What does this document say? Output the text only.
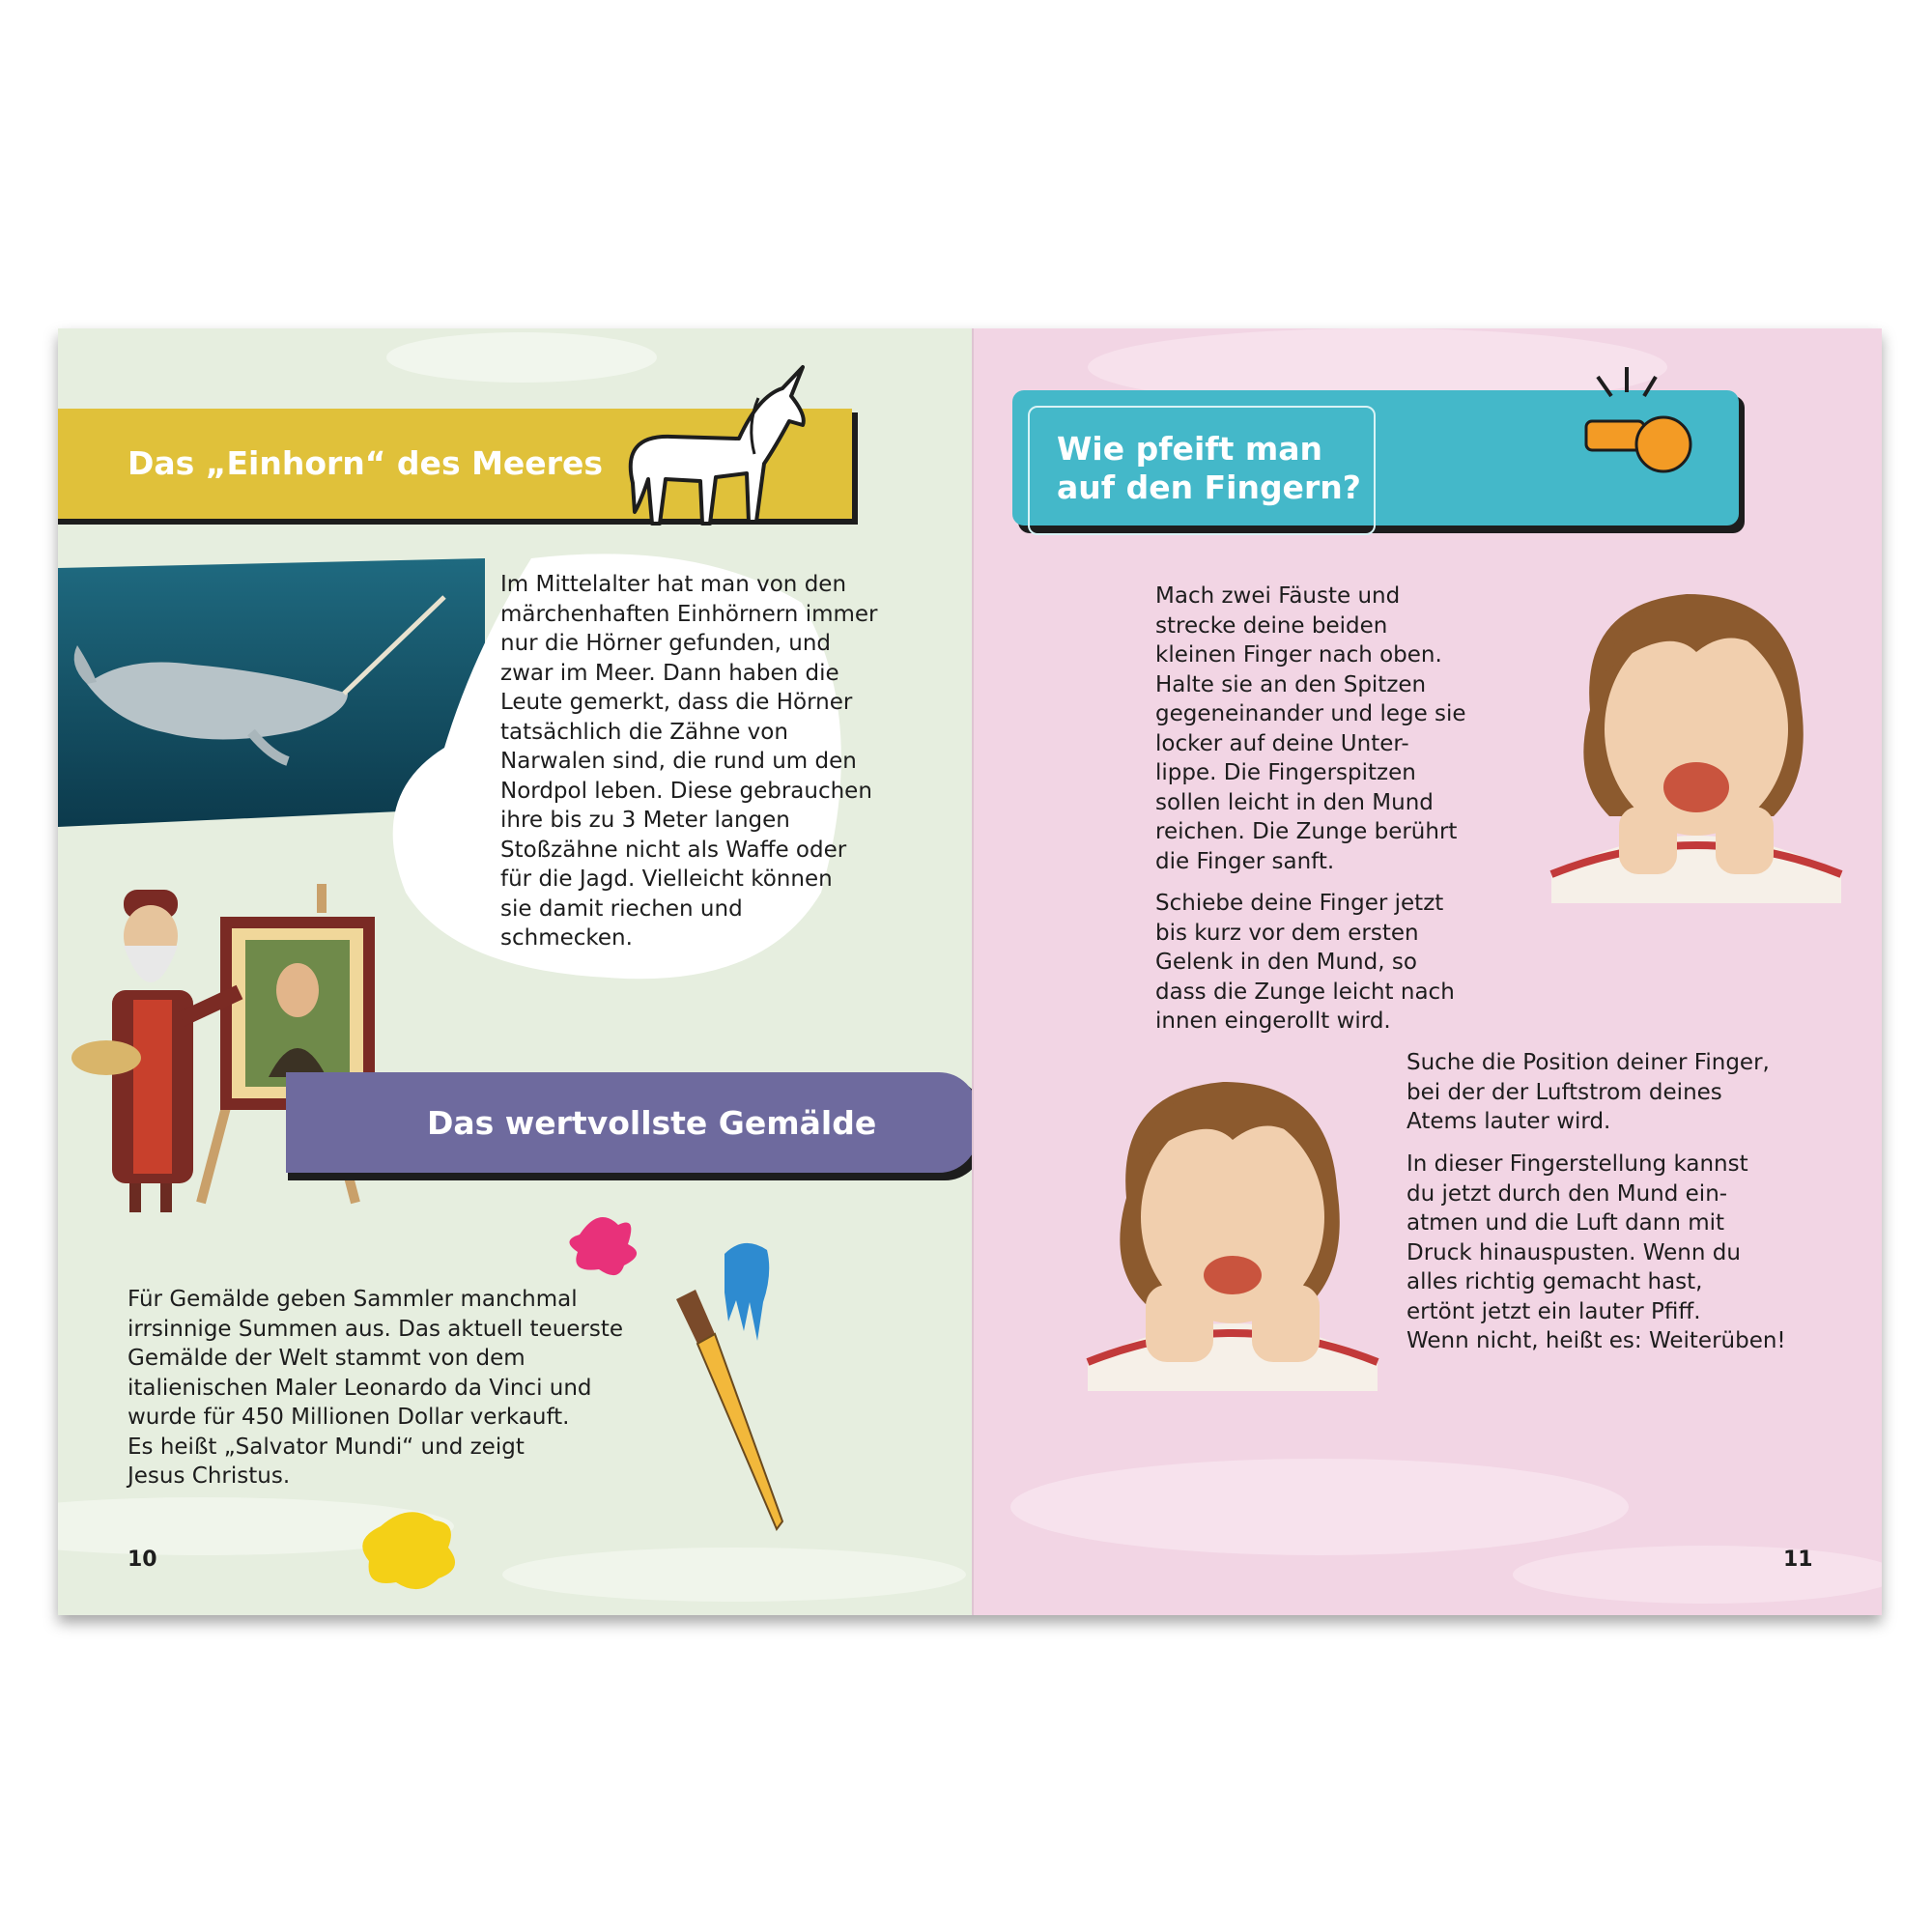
Das „Einhorn“ des Meeres

Im Mittelalter hat man von den
märchenhaften Einhörnern immer
nur die Hörner gefunden, und
zwar im Meer. Dann haben die
Leute gemerkt, dass die Hörner
tatsächlich die Zähne von
Narwalen sind, die rund um den
Nordpol leben. Diese gebrauchen
ihre bis zu 3 Meter langen
Stoßzähne nicht als Waffe oder
für die Jagd. Vielleicht können
sie damit riechen und
schmecken.

Das wertvollste Gemälde

Für Gemälde geben Sammler manchmal
irrsinnige Summen aus. Das aktuell teuerste
Gemälde der Welt stammt von dem
italienischen Maler Leonardo da Vinci und
wurde für 450 Millionen Dollar verkauft.
Es heißt „Salvator Mundi“ und zeigt
Jesus Christus.

10
Wie pfeift man
auf den Fingern?

Mach zwei Fäuste und
strecke deine beiden
kleinen Finger nach oben.
Halte sie an den Spitzen
gegeneinander und lege sie
locker auf deine Unter-
lippe. Die Fingerspitzen
sollen leicht in den Mund
reichen. Die Zunge berührt
die Finger sanft.

Schiebe deine Finger jetzt
bis kurz vor dem ersten
Gelenk in den Mund, so
dass die Zunge leicht nach
innen eingerollt wird.

Suche die Position deiner Finger,
bei der der Luftstrom deines
Atems lauter wird.

In dieser Fingerstellung kannst
du jetzt durch den Mund ein-
atmen und die Luft dann mit
Druck hinauspusten. Wenn du
alles richtig gemacht hast,
ertönt jetzt ein lauter Pfiff.
Wenn nicht, heißt es: Weiterüben!

11
